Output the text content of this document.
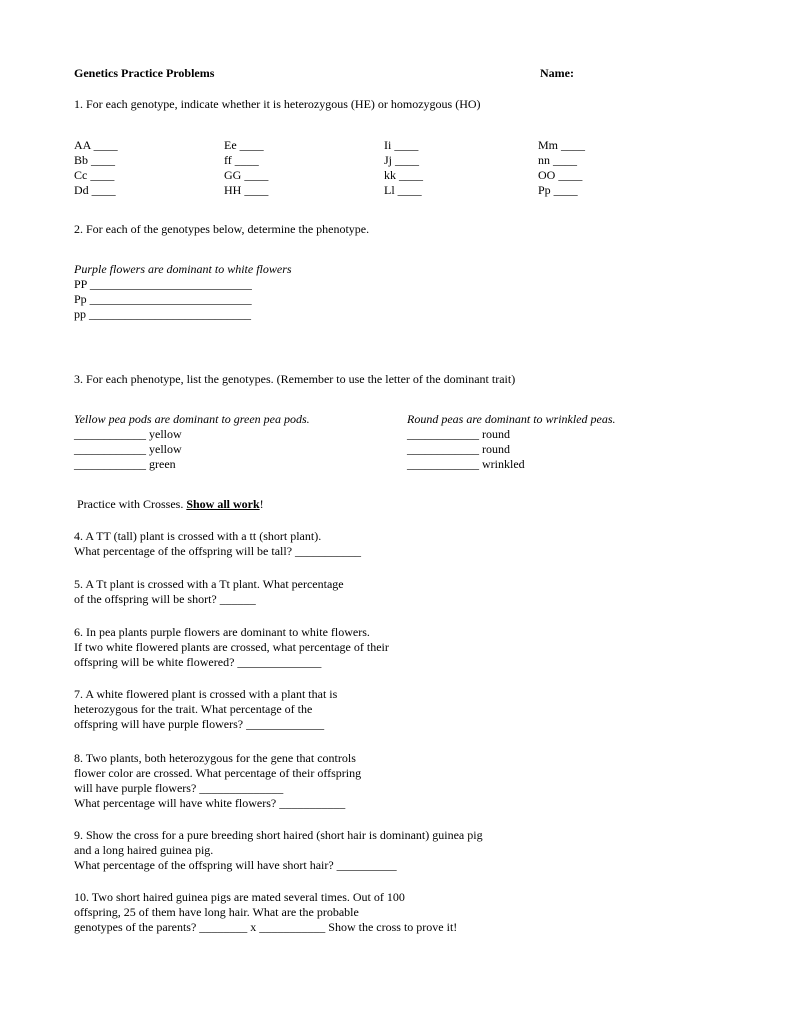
Genetics Practice Problems	Name:
1. For each genotype, indicate whether it is heterozygous (HE) or homozygous (HO)
AA ____
Bb ____
Cc ____
Dd ____
Ee ____
ff ____
GG ____
HH ____
Ii ____
Jj ____
kk ____
Ll ____
Mm ____
nn ____
OO ____
Pp ____
2. For each of the genotypes below, determine the phenotype.
Purple flowers are dominant to white flowers
PP ___________________________
Pp ___________________________
pp ___________________________
3. For each phenotype, list the genotypes. (Remember to use the letter of the dominant trait)
Yellow pea pods are dominant to green pea pods.
____________ yellow
____________ yellow
____________ green
Round peas are dominant to wrinkled peas.
____________ round
____________ round
____________ wrinkled
Practice with Crosses. Show all work!
4. A TT (tall) plant is crossed with a tt (short plant).
What percentage of the offspring will be tall? ___________
5. A Tt plant is crossed with a Tt plant. What percentage
of the offspring will be short? ______
6. In pea plants purple flowers are dominant to white flowers.
If two white flowered plants are crossed, what percentage of their
offspring will be white flowered? ______________
7. A white flowered plant is crossed with a plant that is
heterozygous for the trait. What percentage of the
offspring will have purple flowers? _____________
8. Two plants, both heterozygous for the gene that controls
flower color are crossed. What percentage of their offspring
will have purple flowers? ______________
What percentage will have white flowers? ___________
9. Show the cross for a pure breeding short haired (short hair is dominant) guinea pig
and a long haired guinea pig.
What percentage of the offspring will have short hair? __________
10. Two short haired guinea pigs are mated several times. Out of 100
offspring, 25 of them have long hair. What are the probable
genotypes of the parents? ________ x ___________ Show the cross to prove it!
